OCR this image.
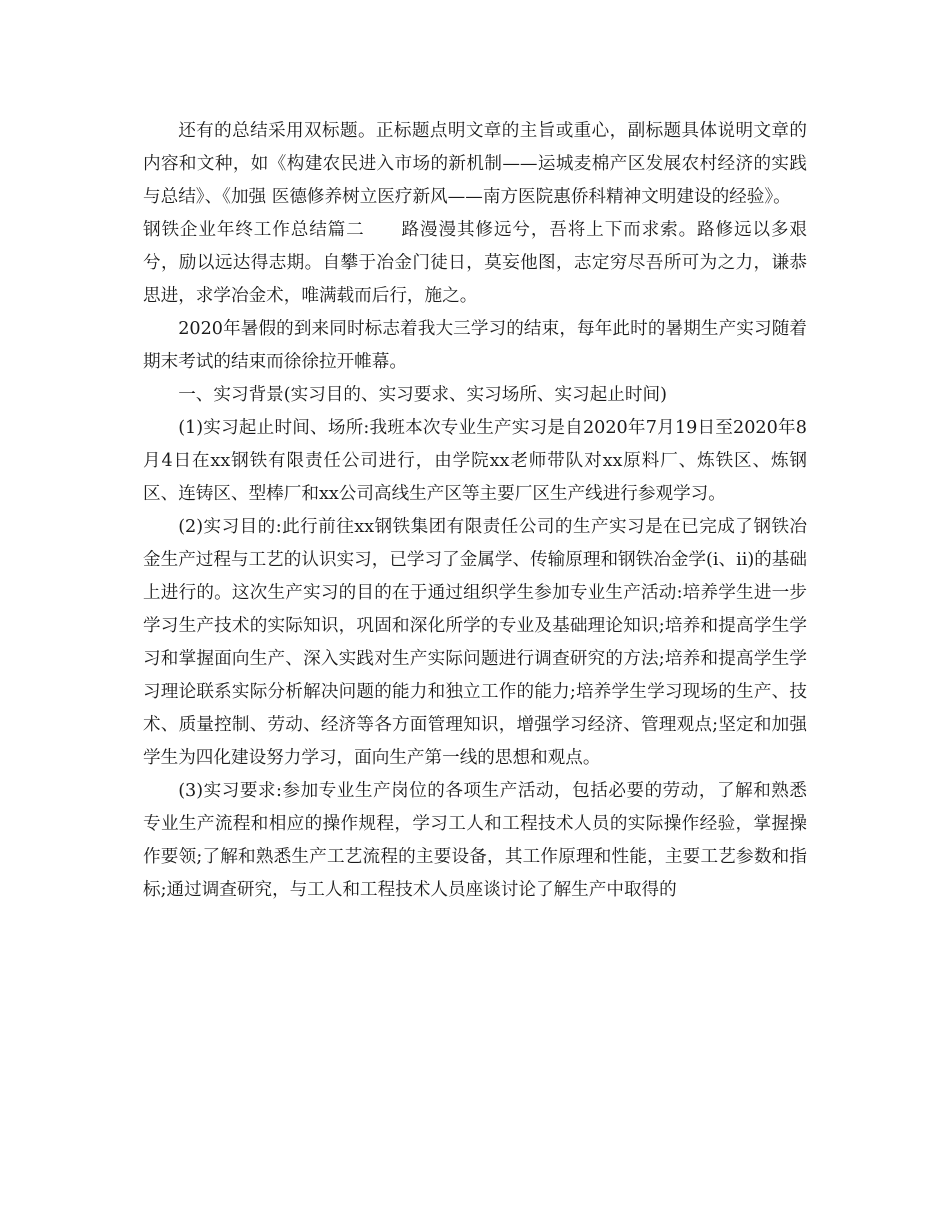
还有的总结采用双标题。正标题点明文章的主旨或重心，副标题具体说明文章的内容和文种，如《构建农民进入市场的新机制——运城麦棉产区发展农村经济的实践与总结》、《加强 医德修养树立医疗新风——南方医院惠侨科精神文明建设的经验》。

钢铁企业年终工作总结篇二　　路漫漫其修远兮，吾将上下而求索。路修远以多艰兮，励以远达得志期。自攀于冶金门徒日，莫妄他图，志定穷尽吾所可为之力，谦恭思进，求学冶金术，唯满载而后行，施之。

2020年暑假的到来同时标志着我大三学习的结束，每年此时的暑期生产实习随着期末考试的结束而徐徐拉开帷幕。

一、实习背景(实习目的、实习要求、实习场所、实习起止时间)

(1)实习起止时间、场所:我班本次专业生产实习是自2020年7月19日至2020年8月4日在xx钢铁有限责任公司进行，由学院xx老师带队对xx原料厂、炼铁区、炼钢区、连铸区、型棒厂和xx公司高线生产区等主要厂区生产线进行参观学习。

(2)实习目的:此行前往xx钢铁集团有限责任公司的生产实习是在已完成了钢铁冶金生产过程与工艺的认识实习，已学习了金属学、传输原理和钢铁冶金学(i、ii)的基础上进行的。这次生产实习的目的在于通过组织学生参加专业生产活动:培养学生进一步学习生产技术的实际知识，巩固和深化所学的专业及基础理论知识;培养和提高学生学习和掌握面向生产、深入实践对生产实际问题进行调查研究的方法;培养和提高学生学习理论联系实际分析解决问题的能力和独立工作的能力;培养学生学习现场的生产、技术、质量控制、劳动、经济等各方面管理知识，增强学习经济、管理观点;坚定和加强学生为四化建设努力学习，面向生产第一线的思想和观点。

(3)实习要求:参加专业生产岗位的各项生产活动，包括必要的劳动，了解和熟悉专业生产流程和相应的操作规程，学习工人和工程技术人员的实际操作经验，掌握操作要领;了解和熟悉生产工艺流程的主要设备，其工作原理和性能，主要工艺参数和指标;通过调查研究，与工人和工程技术人员座谈讨论了解生产中取得的
